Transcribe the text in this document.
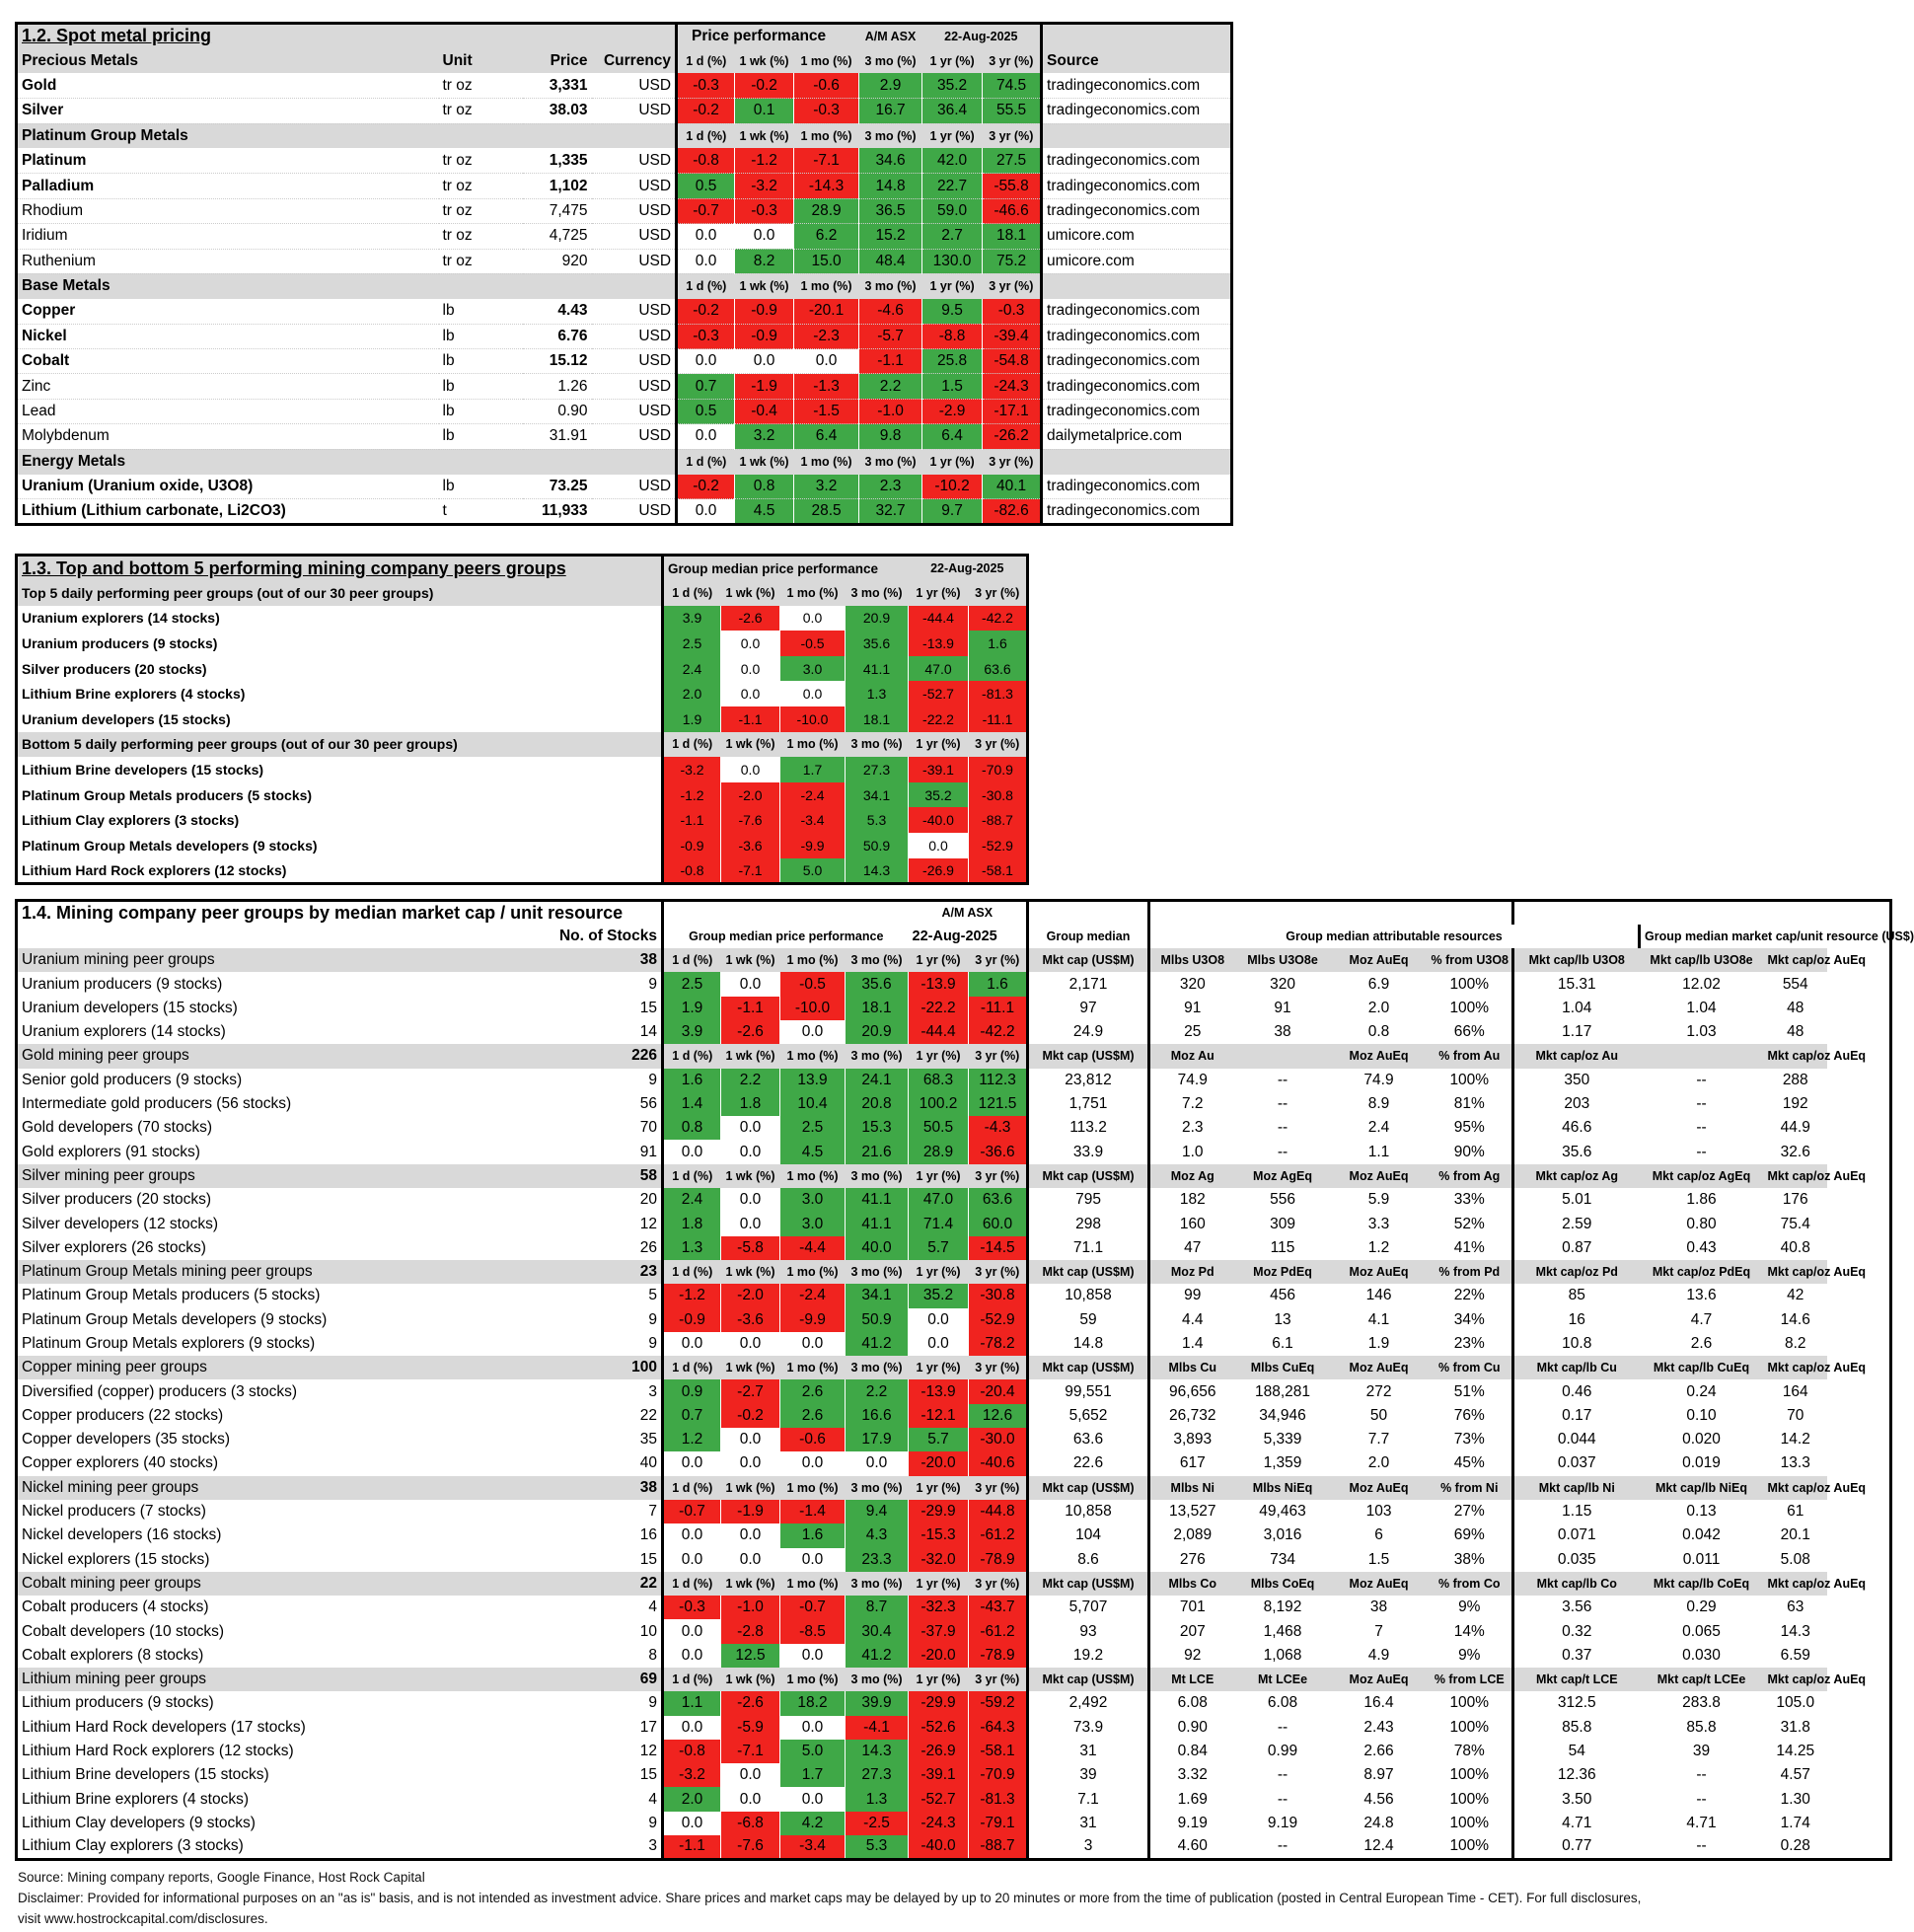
1.2. Spot metal pricing				Price performance			A/M ASX	22-Aug-2025		
Precious Metals	Unit	Price	Currency	1 d (%)	1 wk (%)	1 mo (%)	3 mo (%)	1 yr (%)	3 yr (%)	Source
Gold	tr oz	3,331	USD	-0.3	-0.2	-0.6	2.9	35.2	74.5	tradingeconomics.com
Silver	tr oz	38.03	USD	-0.2	0.1	-0.3	16.7	36.4	55.5	tradingeconomics.com
Platinum Group Metals				1 d (%)	1 wk (%)	1 mo (%)	3 mo (%)	1 yr (%)	3 yr (%)	
Platinum	tr oz	1,335	USD	-0.8	-1.2	-7.1	34.6	42.0	27.5	tradingeconomics.com
Palladium	tr oz	1,102	USD	0.5	-3.2	-14.3	14.8	22.7	-55.8	tradingeconomics.com
Rhodium	tr oz	7,475	USD	-0.7	-0.3	28.9	36.5	59.0	-46.6	tradingeconomics.com
Iridium	tr oz	4,725	USD	0.0	0.0	6.2	15.2	2.7	18.1	umicore.com
Ruthenium	tr oz	920	USD	0.0	8.2	15.0	48.4	130.0	75.2	umicore.com
Base Metals				1 d (%)	1 wk (%)	1 mo (%)	3 mo (%)	1 yr (%)	3 yr (%)	
Copper	lb	4.43	USD	-0.2	-0.9	-20.1	-4.6	9.5	-0.3	tradingeconomics.com
Nickel	lb	6.76	USD	-0.3	-0.9	-2.3	-5.7	-8.8	-39.4	tradingeconomics.com
Cobalt	lb	15.12	USD	0.0	0.0	0.0	-1.1	25.8	-54.8	tradingeconomics.com
Zinc	lb	1.26	USD	0.7	-1.9	-1.3	2.2	1.5	-24.3	tradingeconomics.com
Lead	lb	0.90	USD	0.5	-0.4	-1.5	-1.0	-2.9	-17.1	tradingeconomics.com
Molybdenum	lb	31.91	USD	0.0	3.2	6.4	9.8	6.4	-26.2	dailymetalprice.com
Energy Metals				1 d (%)	1 wk (%)	1 mo (%)	3 mo (%)	1 yr (%)	3 yr (%)	
Uranium (Uranium oxide, U3O8)	lb	73.25	USD	-0.2	0.8	3.2	2.3	-10.2	40.1	tradingeconomics.com
Lithium (Lithium carbonate, Li2CO3)	t	11,933	USD	0.0	4.5	28.5	32.7	9.7	-82.6	tradingeconomics.com
1.3. Top and bottom 5 performing mining company peers groups	Group median price performance				22-Aug-2025	
Top 5 daily performing peer groups (out of our 30 peer groups)	1 d (%)	1 wk (%)	1 mo (%)	3 mo (%)	1 yr (%)	3 yr (%)
Uranium explorers (14 stocks)	3.9	-2.6	0.0	20.9	-44.4	-42.2
Uranium producers (9 stocks)	2.5	0.0	-0.5	35.6	-13.9	1.6
Silver producers (20 stocks)	2.4	0.0	3.0	41.1	47.0	63.6
Lithium Brine explorers (4 stocks)	2.0	0.0	0.0	1.3	-52.7	-81.3
Uranium developers (15 stocks)	1.9	-1.1	-10.0	18.1	-22.2	-11.1
Bottom 5 daily performing peer groups (out of our 30 peer groups)	1 d (%)	1 wk (%)	1 mo (%)	3 mo (%)	1 yr (%)	3 yr (%)
Lithium Brine developers (15 stocks)	-3.2	0.0	1.7	27.3	-39.1	-70.9
Platinum Group Metals producers (5 stocks)	-1.2	-2.0	-2.4	34.1	35.2	-30.8
Lithium Clay explorers (3 stocks)	-1.1	-7.6	-3.4	5.3	-40.0	-88.7
Platinum Group Metals developers (9 stocks)	-0.9	-3.6	-9.9	50.9	0.0	-52.9
Lithium Hard Rock explorers (12 stocks)	-0.8	-7.1	5.0	14.3	-26.9	-58.1
1.4. Mining company peer groups by median market cap / unit resource						A/M ASX									
	No. of Stocks	Group median price performance				22-Aug-2025		Group median	Group median attributable resources					Group median market cap/unit resource (US$)	
Uranium mining peer groups	38	1 d (%)	1 wk (%)	1 mo (%)	3 mo (%)	1 yr (%)	3 yr (%)	Mkt cap (US$M)	Mlbs U3O8	Mlbs U3O8e	Moz AuEq	% from U3O8	Mkt cap/lb U3O8	Mkt cap/lb U3O8e	Mkt cap/oz AuEq
Uranium producers (9 stocks)	9	2.5	0.0	-0.5	35.6	-13.9	1.6	2,171	320	320	6.9	100%	15.31	12.02	554
Uranium developers (15 stocks)	15	1.9	-1.1	-10.0	18.1	-22.2	-11.1	97	91	91	2.0	100%	1.04	1.04	48
Uranium explorers (14 stocks)	14	3.9	-2.6	0.0	20.9	-44.4	-42.2	24.9	25	38	0.8	66%	1.17	1.03	48
Gold mining peer groups	226	1 d (%)	1 wk (%)	1 mo (%)	3 mo (%)	1 yr (%)	3 yr (%)	Mkt cap (US$M)	Moz Au		Moz AuEq	% from Au	Mkt cap/oz Au		Mkt cap/oz AuEq
Senior gold producers (9 stocks)	9	1.6	2.2	13.9	24.1	68.3	112.3	23,812	74.9	--	74.9	100%	350	--	288
Intermediate gold producers (56 stocks)	56	1.4	1.8	10.4	20.8	100.2	121.5	1,751	7.2	--	8.9	81%	203	--	192
Gold developers (70 stocks)	70	0.8	0.0	2.5	15.3	50.5	-4.3	113.2	2.3	--	2.4	95%	46.6	--	44.9
Gold explorers (91 stocks)	91	0.0	0.0	4.5	21.6	28.9	-36.6	33.9	1.0	--	1.1	90%	35.6	--	32.6
Silver mining peer groups	58	1 d (%)	1 wk (%)	1 mo (%)	3 mo (%)	1 yr (%)	3 yr (%)	Mkt cap (US$M)	Moz Ag	Moz AgEq	Moz AuEq	% from Ag	Mkt cap/oz Ag	Mkt cap/oz AgEq	Mkt cap/oz AuEq
Silver producers (20 stocks)	20	2.4	0.0	3.0	41.1	47.0	63.6	795	182	556	5.9	33%	5.01	1.86	176
Silver developers (12 stocks)	12	1.8	0.0	3.0	41.1	71.4	60.0	298	160	309	3.3	52%	2.59	0.80	75.4
Silver explorers (26 stocks)	26	1.3	-5.8	-4.4	40.0	5.7	-14.5	71.1	47	115	1.2	41%	0.87	0.43	40.8
Platinum Group Metals mining peer groups	23	1 d (%)	1 wk (%)	1 mo (%)	3 mo (%)	1 yr (%)	3 yr (%)	Mkt cap (US$M)	Moz Pd	Moz PdEq	Moz AuEq	% from Pd	Mkt cap/oz Pd	Mkt cap/oz PdEq	Mkt cap/oz AuEq
Platinum Group Metals producers (5 stocks)	5	-1.2	-2.0	-2.4	34.1	35.2	-30.8	10,858	99	456	146	22%	85	13.6	42
Platinum Group Metals developers (9 stocks)	9	-0.9	-3.6	-9.9	50.9	0.0	-52.9	59	4.4	13	4.1	34%	16	4.7	14.6
Platinum Group Metals explorers (9 stocks)	9	0.0	0.0	0.0	41.2	0.0	-78.2	14.8	1.4	6.1	1.9	23%	10.8	2.6	8.2
Copper mining peer groups	100	1 d (%)	1 wk (%)	1 mo (%)	3 mo (%)	1 yr (%)	3 yr (%)	Mkt cap (US$M)	Mlbs Cu	Mlbs CuEq	Moz AuEq	% from Cu	Mkt cap/lb Cu	Mkt cap/lb CuEq	Mkt cap/oz AuEq
Diversified (copper) producers (3 stocks)	3	0.9	-2.7	2.6	2.2	-13.9	-20.4	99,551	96,656	188,281	272	51%	0.46	0.24	164
Copper producers (22 stocks)	22	0.7	-0.2	2.6	16.6	-12.1	12.6	5,652	26,732	34,946	50	76%	0.17	0.10	70
Copper developers (35 stocks)	35	1.2	0.0	-0.6	17.9	5.7	-30.0	63.6	3,893	5,339	7.7	73%	0.044	0.020	14.2
Copper explorers (40 stocks)	40	0.0	0.0	0.0	0.0	-20.0	-40.6	22.6	617	1,359	2.0	45%	0.037	0.019	13.3
Nickel mining peer groups	38	1 d (%)	1 wk (%)	1 mo (%)	3 mo (%)	1 yr (%)	3 yr (%)	Mkt cap (US$M)	Mlbs Ni	Mlbs NiEq	Moz AuEq	% from Ni	Mkt cap/lb Ni	Mkt cap/lb NiEq	Mkt cap/oz AuEq
Nickel producers (7 stocks)	7	-0.7	-1.9	-1.4	9.4	-29.9	-44.8	10,858	13,527	49,463	103	27%	1.15	0.13	61
Nickel developers (16 stocks)	16	0.0	0.0	1.6	4.3	-15.3	-61.2	104	2,089	3,016	6	69%	0.071	0.042	20.1
Nickel explorers (15 stocks)	15	0.0	0.0	0.0	23.3	-32.0	-78.9	8.6	276	734	1.5	38%	0.035	0.011	5.08
Cobalt mining peer groups	22	1 d (%)	1 wk (%)	1 mo (%)	3 mo (%)	1 yr (%)	3 yr (%)	Mkt cap (US$M)	Mlbs Co	Mlbs CoEq	Moz AuEq	% from Co	Mkt cap/lb Co	Mkt cap/lb CoEq	Mkt cap/oz AuEq
Cobalt producers (4 stocks)	4	-0.3	-1.0	-0.7	8.7	-32.3	-43.7	5,707	701	8,192	38	9%	3.56	0.29	63
Cobalt developers (10 stocks)	10	0.0	-2.8	-8.5	30.4	-37.9	-61.2	93	207	1,468	7	14%	0.32	0.065	14.3
Cobalt explorers (8 stocks)	8	0.0	12.5	0.0	41.2	-20.0	-78.9	19.2	92	1,068	4.9	9%	0.37	0.030	6.59
Lithium mining peer groups	69	1 d (%)	1 wk (%)	1 mo (%)	3 mo (%)	1 yr (%)	3 yr (%)	Mkt cap (US$M)	Mt LCE	Mt LCEe	Moz AuEq	% from LCE	Mkt cap/t LCE	Mkt cap/t LCEe	Mkt cap/oz AuEq
Lithium producers (9 stocks)	9	1.1	-2.6	18.2	39.9	-29.9	-59.2	2,492	6.08	6.08	16.4	100%	312.5	283.8	105.0
Lithium Hard Rock developers (17 stocks)	17	0.0	-5.9	0.0	-4.1	-52.6	-64.3	73.9	0.90	--	2.43	100%	85.8	85.8	31.8
Lithium Hard Rock explorers (12 stocks)	12	-0.8	-7.1	5.0	14.3	-26.9	-58.1	31	0.84	0.99	2.66	78%	54	39	14.25
Lithium Brine developers (15 stocks)	15	-3.2	0.0	1.7	27.3	-39.1	-70.9	39	3.32	--	8.97	100%	12.36	--	4.57
Lithium Brine explorers (4 stocks)	4	2.0	0.0	0.0	1.3	-52.7	-81.3	7.1	1.69	--	4.56	100%	3.50	--	1.30
Lithium Clay developers (9 stocks)	9	0.0	-6.8	4.2	-2.5	-24.3	-79.1	31	9.19	9.19	24.8	100%	4.71	4.71	1.74
Lithium Clay explorers (3 stocks)	3	-1.1	-7.6	-3.4	5.3	-40.0	-88.7	3	4.60	--	12.4	100%	0.77	--	0.28
Source: Mining company reports, Google Finance, Host Rock Capital
Disclaimer: Provided for informational purposes on an "as is" basis, and is not intended as investment advice. Share prices and market caps may be delayed by up to 20 minutes or more from the time of publication (posted in Central European Time - CET). For full disclosures,
visit www.hostrockcapital.com/disclosures.
